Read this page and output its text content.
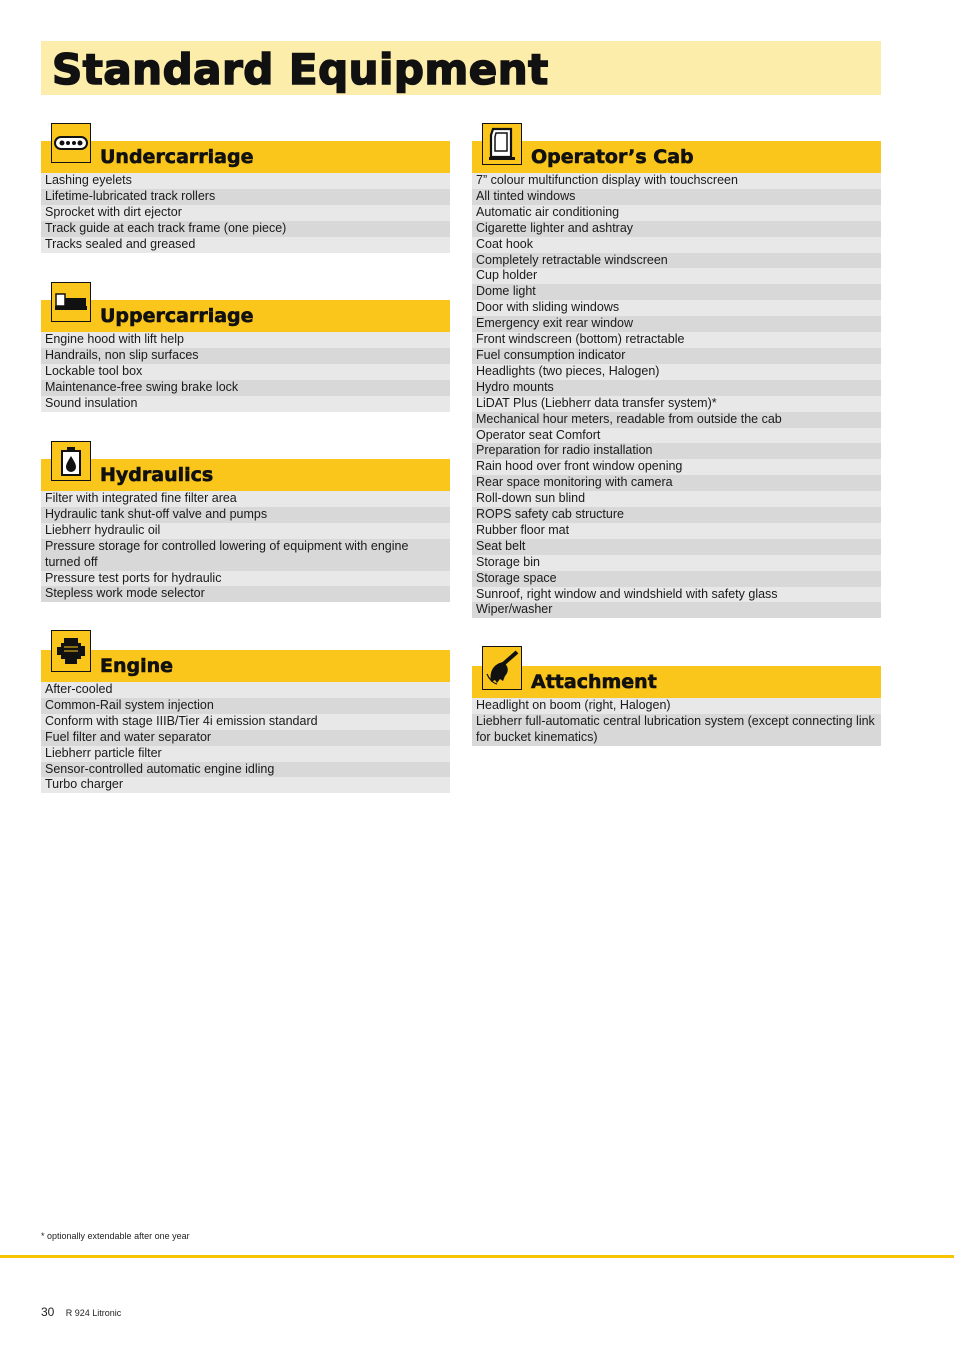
Standard Equipment
Undercarriage
Lashing eyelets
Lifetime-lubricated track rollers
Sprocket with dirt ejector
Track guide at each track frame (one piece)
Tracks sealed and greased
Uppercarriage
Engine hood with lift help
Handrails, non slip surfaces
Lockable tool box
Maintenance-free swing brake lock
Sound insulation
Hydraulics
Filter with integrated fine filter area
Hydraulic tank shut-off valve and pumps
Liebherr hydraulic oil
Pressure storage for controlled lowering of equipment with engine turned off
Pressure test ports for hydraulic
Stepless work mode selector
Engine
After-cooled
Common-Rail system injection
Conform with stage IIIB/Tier 4i emission standard
Fuel filter and water separator
Liebherr particle filter
Sensor-controlled automatic engine idling
Turbo charger
Operator’s Cab
7” colour multifunction display with touchscreen
All tinted windows
Automatic air conditioning
Cigarette lighter and ashtray
Coat hook
Completely retractable windscreen
Cup holder
Dome light
Door with sliding windows
Emergency exit rear window
Front windscreen (bottom) retractable
Fuel consumption indicator
Headlights (two pieces, Halogen)
Hydro mounts
LiDAT Plus (Liebherr data transfer system)*
Mechanical hour meters, readable from outside the cab
Operator seat Comfort
Preparation for radio installation
Rain hood over front window opening
Rear space monitoring with camera
Roll-down sun blind
ROPS safety cab structure
Rubber floor mat
Seat belt
Storage bin
Storage space
Sunroof, right window and windshield with safety glass
Wiper/washer
Attachment
Headlight on boom (right, Halogen)
Liebherr full-automatic central lubrication system (except connecting link for bucket kinematics)
* optionally extendable after one year
30 R 924 Litronic
